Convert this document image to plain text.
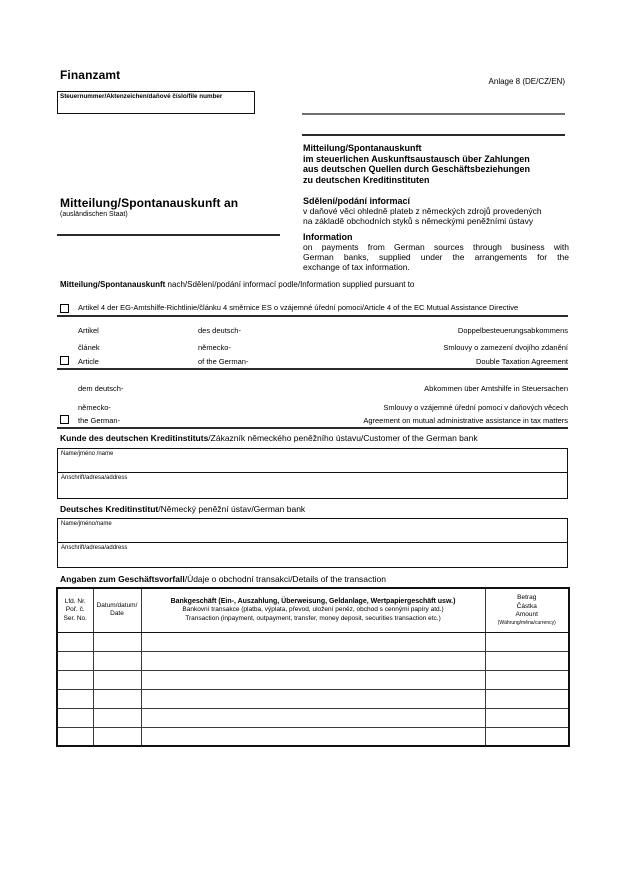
Finanzamt
Steuernummer/Aktenzeichen/daňové číslo/file number
Anlage 8 (DE/CZ/EN)
Mitteilung/Spontanauskunft
im steuerlichen Auskunftsaustausch über Zahlungen
aus deutschen Quellen durch Geschäftsbeziehungen
zu deutschen Kreditinstituten
Sdělení/podání informací
v daňové věci ohledně plateb z německých zdrojů provedených
na základě obchodních styků s německými peněžními ústavy
Information
on payments from German sources through business with
German banks, supplied under the arrangements for the
exchange of tax information.
Mitteilung/Spontanauskunft an
(ausländischen Staat)
Mitteilung/Spontanauskunft nach/Sdělení/podání informací podle/Information supplied pursuant to
Artikel 4 der EG-Amtshilfe-Richtlinie/článku 4 směrnice ES o vzájemné úřední pomoci/Article 4 of the EC Mutual Assistance Directive
Artikel	des deutsch-	Doppelbesteuerungsabkommens
článek	německo-	Smlouvy o zamezení dvojího zdanění
Article	of the German-	Double Taxation Agreement
dem deutsch-	Abkommen über Amtshilfe in Steuersachen
německo-	Smlouvy o vzájemné úřední pomoci v daňových věcech
the German-	Agreement on mutual administrative assistance in tax matters
Kunde des deutschen Kreditinstituts/Zákazník německého peněžního ústavu/Customer of the German bank
Name/jméno /name
Anschrift/adresa/address
Deutsches Kreditinstitut/Německý peněžní ústav/German bank
Name/jméno/name
Anschrift/adresa/address
Angaben zum Geschäftsvorfall/Údaje o obchodní transakci/Details of the transaction
Lfd. Nr.
Poř. č.
Ser. No.

Datum/datum/
Date

Bankgeschäft (Ein-, Auszahlung, Überweisung, Geldanlage, Wertpapiergeschäft usw.)
Bankovní transakce (platba, výplata, převod, uložení peněz, obchod s cennými papíry atd.)
Transaction (inpayment, outpayment, transfer, money deposit, securities transaction etc.)

Betrag
Částka
Amount
(Währung/měna/currency)
